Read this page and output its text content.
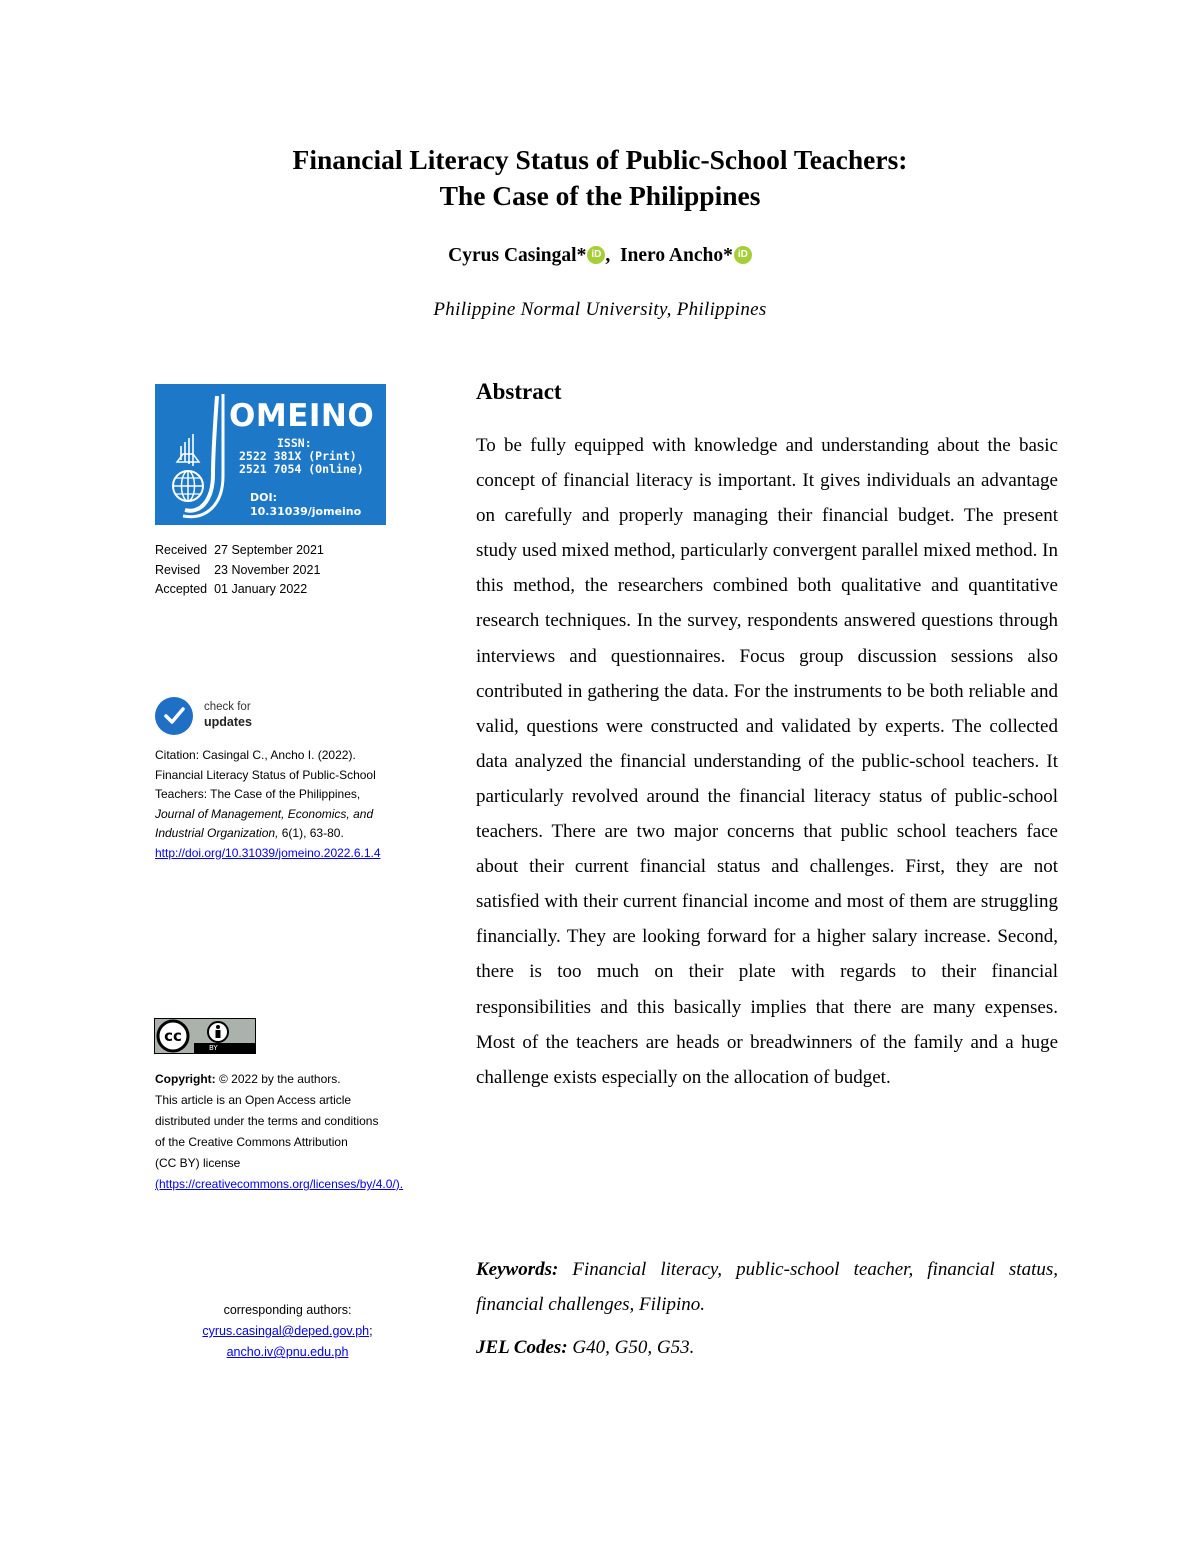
Financial Literacy Status of Public-School Teachers:
The Case of the Philippines
Cyrus Casingal* iD , Inero Ancho* iD
Philippine Normal University, Philippines
OMEINO
ISSN:
2522 381X (Print)
2521 7054 (Online)
DOI: 10.31039/jomeino
Received 27 September 2021
Revised 23 November 2021
Accepted 01 January 2022
check for
updates
Citation: Casingal C., Ancho I. (2022).
Financial Literacy Status of Public-School
Teachers: The Case of the Philippines,
Journal of Management, Economics, and
Industrial Organization, 6(1), 63-80.
http://doi.org/10.31039/jomeino.2022.6.1.4
cc
BY
Copyright: © 2022 by the authors.
This article is an Open Access article
distributed under the terms and conditions
of the Creative Commons Attribution
(CC BY) license
(https://creativecommons.org/licenses/by/4.0/).
corresponding authors:
cyrus.casingal@deped.gov.ph;
ancho.iv@pnu.edu.ph
Abstract

To be fully equipped with knowledge and understanding about the basic concept of financial literacy is important. It gives individuals an advantage on carefully and properly managing their financial budget. The present study used mixed method, particularly convergent parallel mixed method. In this method, the researchers combined both qualitative and quantitative research techniques. In the survey, respondents answered questions through interviews and questionnaires. Focus group discussion sessions also contributed in gathering the data. For the instruments to be both reliable and valid, questions were constructed and validated by experts. The collected data analyzed the financial understanding of the public-school teachers. It particularly revolved around the financial literacy status of public-school teachers. There are two major concerns that public school teachers face about their current financial status and challenges. First, they are not satisfied with their current financial income and most of them are struggling financially. They are looking forward for a higher salary increase. Second, there is too much on their plate with regards to their financial responsibilities and this basically implies that there are many expenses. Most of the teachers are heads or breadwinners of the family and a huge challenge exists especially on the allocation of budget.

Keywords: Financial literacy, public-school teacher, financial status, financial challenges, Filipino.
JEL Codes: G40, G50, G53.
